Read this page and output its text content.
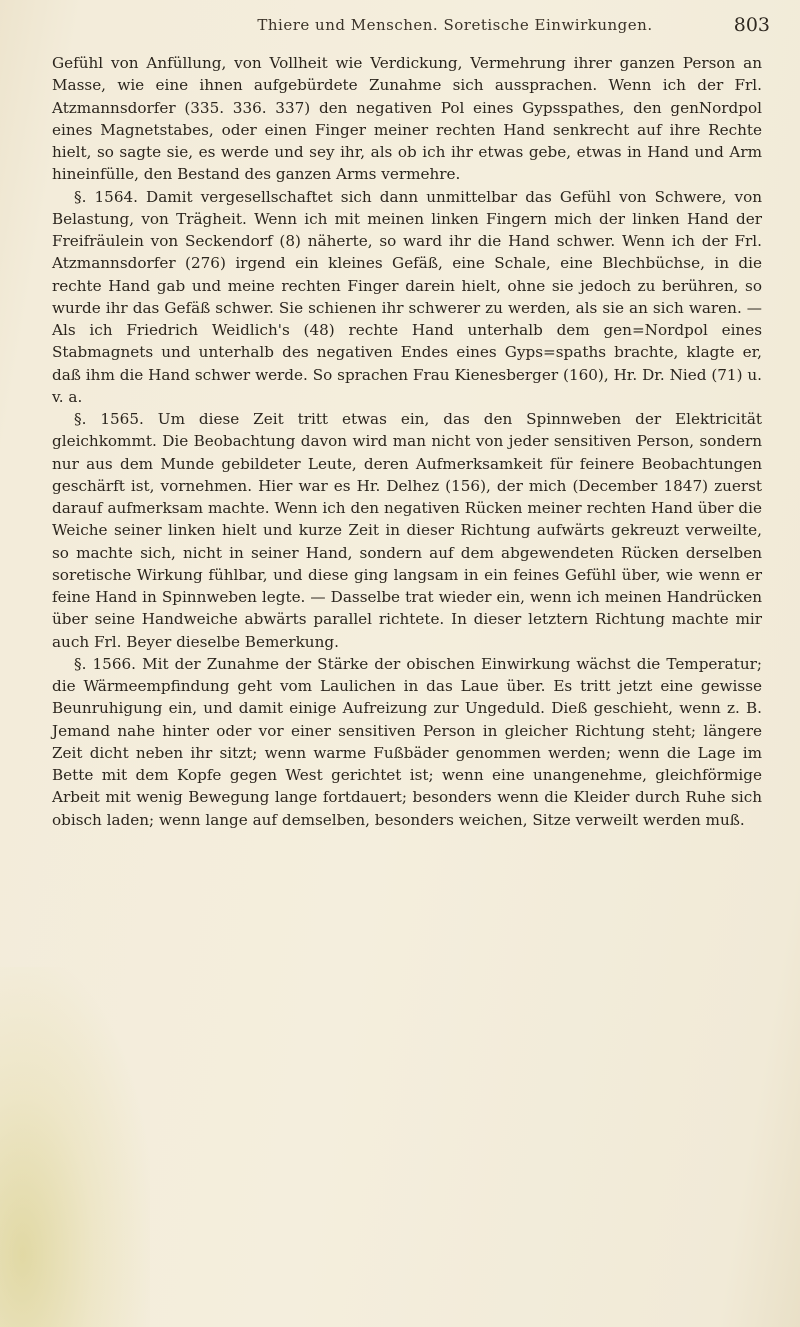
Thiere und Menschen. Soretische Einwirkungen.	803

Gefühl von Anfüllung, von Vollheit wie Verdickung, Vermehrung ihrer ganzen Person an Masse, wie eine ihnen aufgebürdete Zunahme sich aussprachen. Wenn ich der Frl. Atzmannsdorfer (335. 336. 337) den negativen Pol eines Gypsspathes, den genNordpol eines Magnetstabes, oder einen Finger meiner rechten Hand senkrecht auf ihre Rechte hielt, so sagte sie, es werde und sey ihr, als ob ich ihr etwas gebe, etwas in Hand und Arm hineinfülle, den Bestand des ganzen Arms vermehre.

§. 1564. Damit vergesellschaftet sich dann unmittelbar das Gefühl von Schwere, von Belastung, von Trägheit. Wenn ich mit meinen linken Fingern mich der linken Hand der Freifräulein von Seckendorf (8) näherte, so ward ihr die Hand schwer. Wenn ich der Frl. Atzmannsdorfer (276) irgend ein kleines Gefäß, eine Schale, eine Blechbüchse, in die rechte Hand gab und meine rechten Finger darein hielt, ohne sie jedoch zu berühren, so wurde ihr das Gefäß schwer. Sie schienen ihr schwerer zu werden, als sie an sich waren. — Als ich Friedrich Weidlich's (48) rechte Hand unterhalb dem gen=Nordpol eines Stabmagnets und unterhalb des negativen Endes eines Gyps=spaths brachte, klagte er, daß ihm die Hand schwer werde. So sprachen Frau Kienesberger (160), Hr. Dr. Nied (71) u. v. a.

§. 1565. Um diese Zeit tritt etwas ein, das den Spinnweben der Elektricität gleichkommt. Die Beobachtung davon wird man nicht von jeder sensitiven Person, sondern nur aus dem Munde gebildeter Leute, deren Aufmerksamkeit für feinere Beobachtungen geschärft ist, vornehmen. Hier war es Hr. Delhez (156), der mich (December 1847) zuerst darauf aufmerksam machte. Wenn ich den negativen Rücken meiner rechten Hand über die Weiche seiner linken hielt und kurze Zeit in dieser Richtung aufwärts gekreuzt verweilte, so machte sich, nicht in seiner Hand, sondern auf dem abgewendeten Rücken derselben soretische Wirkung fühlbar, und diese ging langsam in ein feines Gefühl über, wie wenn er feine Hand in Spinnweben legte. — Dasselbe trat wieder ein, wenn ich meinen Handrücken über seine Handweiche abwärts parallel richtete. In dieser letztern Richtung machte mir auch Frl. Beyer dieselbe Bemerkung.

§. 1566. Mit der Zunahme der Stärke der obischen Einwirkung wächst die Temperatur; die Wärmeempfindung geht vom Laulichen in das Laue über. Es tritt jetzt eine gewisse Beunruhigung ein, und damit einige Aufreizung zur Ungeduld. Dieß geschieht, wenn z. B. Jemand nahe hinter oder vor einer sensitiven Person in gleicher Richtung steht; längere Zeit dicht neben ihr sitzt; wenn warme Fußbäder genommen werden; wenn die Lage im Bette mit dem Kopfe gegen West gerichtet ist; wenn eine unangenehme, gleichförmige Arbeit mit wenig Bewegung lange fortdauert; besonders wenn die Kleider durch Ruhe sich obisch laden; wenn lange auf demselben, besonders weichen, Sitze verweilt werden muß.
